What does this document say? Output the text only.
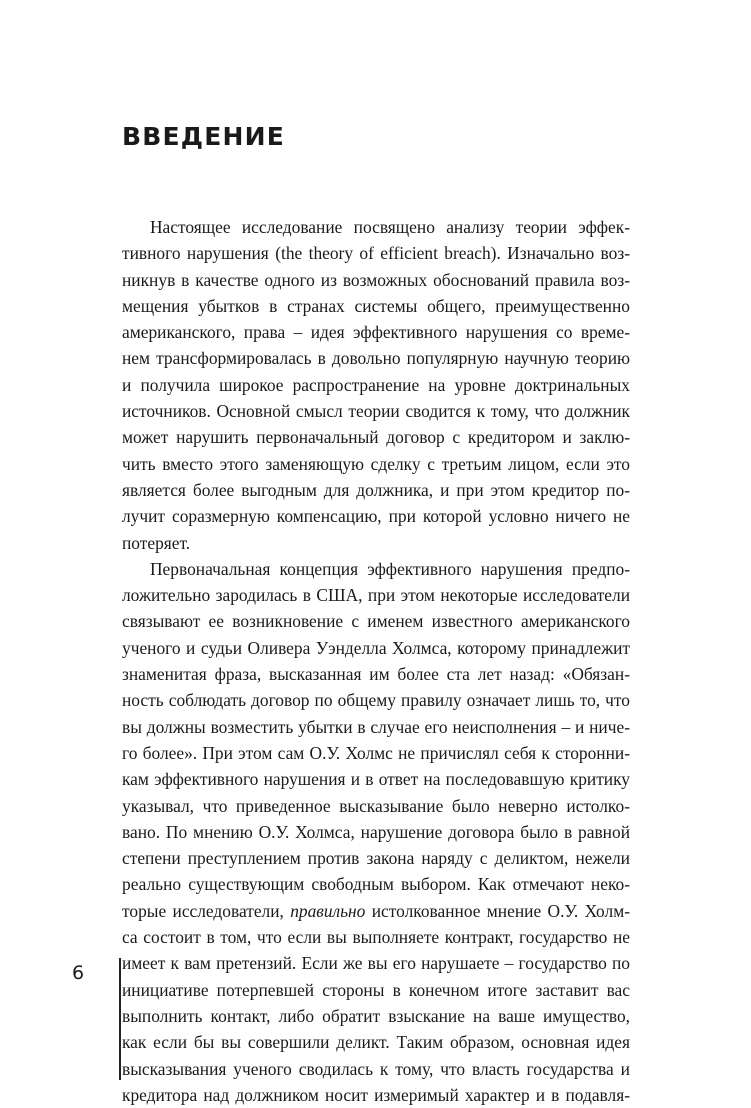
ВВЕДЕНИЕ
Настоящее исследование посвящено анализу теории эффек-
тивного нарушения (the theory of efficient breach). Изначально воз-
никнув в качестве одного из возможных обоснований правила воз-
мещения убытков в странах системы общего, преимущественно
американского, права – идея эффективного нарушения со време-
нем трансформировалась в довольно популярную научную теорию
и получила широкое распространение на уровне доктринальных
источников. Основной смысл теории сводится к тому, что должник
может нарушить первоначальный договор с кредитором и заклю-
чить вместо этого заменяющую сделку с третьим лицом, если это
является более выгодным для должника, и при этом кредитор по-
лучит соразмерную компенсацию, при которой условно ничего не
потеряет.
Первоначальная концепция эффективного нарушения предпо-
ложительно зародилась в США, при этом некоторые исследователи
связывают ее возникновение с именем известного американского
ученого и судьи Оливера Уэнделла Холмса, которому принадлежит
знаменитая фраза, высказанная им более ста лет назад: «Обязан-
ность соблюдать договор по общему правилу означает лишь то, что
вы должны возместить убытки в случае его неисполнения – и ниче-
го более». При этом сам О.У. Холмс не причислял себя к сторонни-
кам эффективного нарушения и в ответ на последовавшую критику
указывал, что приведенное высказывание было неверно истолко-
вано. По мнению О.У. Холмса, нарушение договора было в равной
степени преступлением против закона наряду с деликтом, нежели
реально существующим свободным выбором. Как отмечают неко-
торые исследователи, правильно истолкованное мнение О.У. Холм-
са состоит в том, что если вы выполняете контракт, государство не
имеет к вам претензий. Если же вы его нарушаете – государство по
инициативе потерпевшей стороны в конечном итоге заставит вас
выполнить контакт, либо обратит взыскание на ваше имущество,
как если бы вы совершили деликт. Таким образом, основная идея
высказывания ученого сводилась к тому, что власть государства и
кредитора над должником носит измеримый характер и в подавля-
6
